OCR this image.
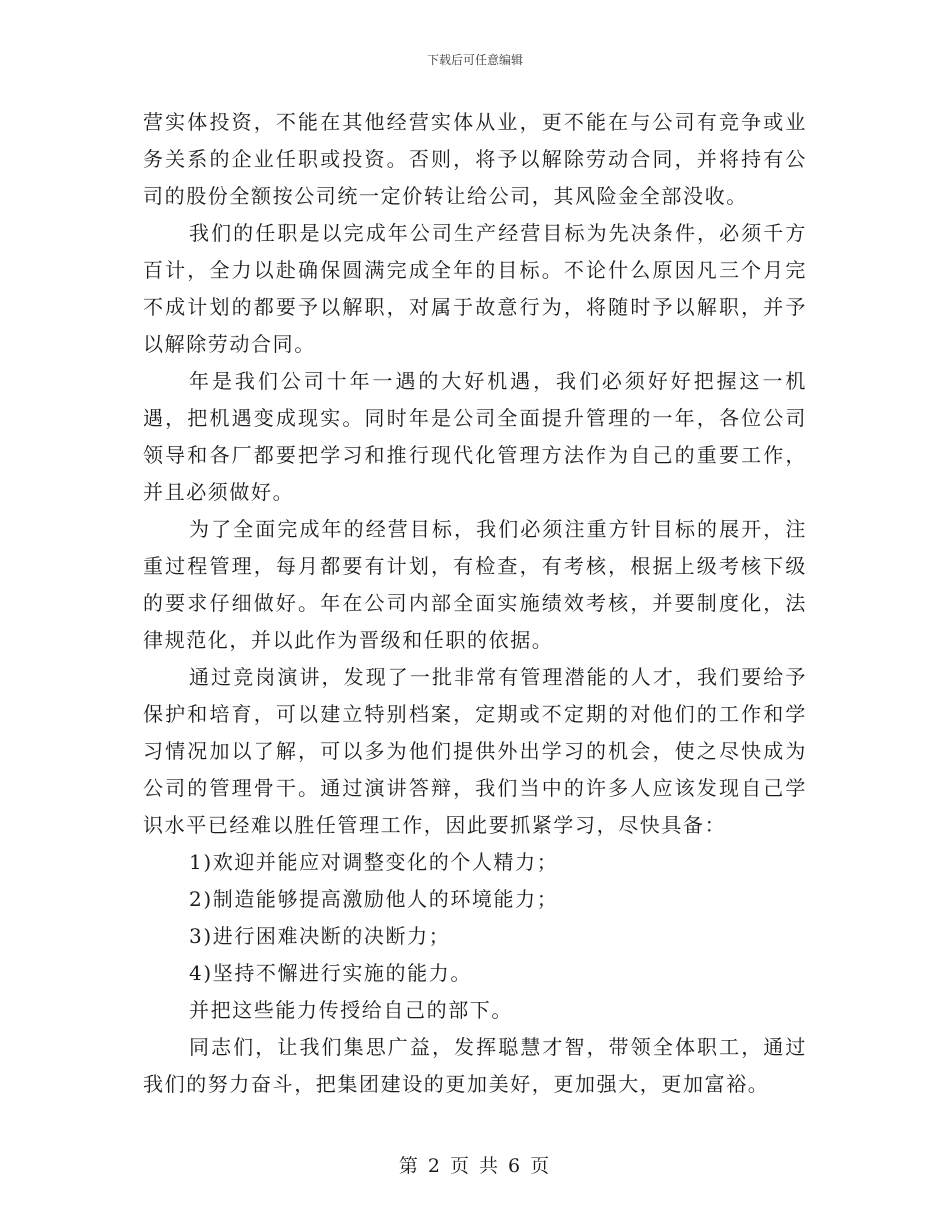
下载后可任意编辑

营实体投资，不能在其他经营实体从业，更不能在与公司有竞争或业务关系的企业任职或投资。否则，将予以解除劳动合同，并将持有公司的股份全额按公司统一定价转让给公司，其风险金全部没收。

我们的任职是以完成年公司生产经营目标为先决条件，必须千方百计，全力以赴确保圆满完成全年的目标。不论什么原因凡三个月完不成计划的都要予以解职，对属于故意行为，将随时予以解职，并予以解除劳动合同。

年是我们公司十年一遇的大好机遇，我们必须好好把握这一机遇，把机遇变成现实。同时年是公司全面提升管理的一年，各位公司领导和各厂都要把学习和推行现代化管理方法作为自己的重要工作，并且必须做好。

为了全面完成年的经营目标，我们必须注重方针目标的展开，注重过程管理，每月都要有计划，有检查，有考核，根据上级考核下级的要求仔细做好。年在公司内部全面实施绩效考核，并要制度化，法律规范化，并以此作为晋级和任职的依据。

通过竞岗演讲，发现了一批非常有管理潜能的人才，我们要给予保护和培育，可以建立特别档案，定期或不定期的对他们的工作和学习情况加以了解，可以多为他们提供外出学习的机会，使之尽快成为公司的管理骨干。通过演讲答辩，我们当中的许多人应该发现自己学识水平已经难以胜任管理工作，因此要抓紧学习，尽快具备：

1)欢迎并能应对调整变化的个人精力；

2)制造能够提高激励他人的环境能力；

3)进行困难决断的决断力；

4)坚持不懈进行实施的能力。

并把这些能力传授给自己的部下。

同志们，让我们集思广益，发挥聪慧才智，带领全体职工，通过我们的努力奋斗，把集团建设的更加美好，更加强大，更加富裕。

第 2 页 共 6 页
